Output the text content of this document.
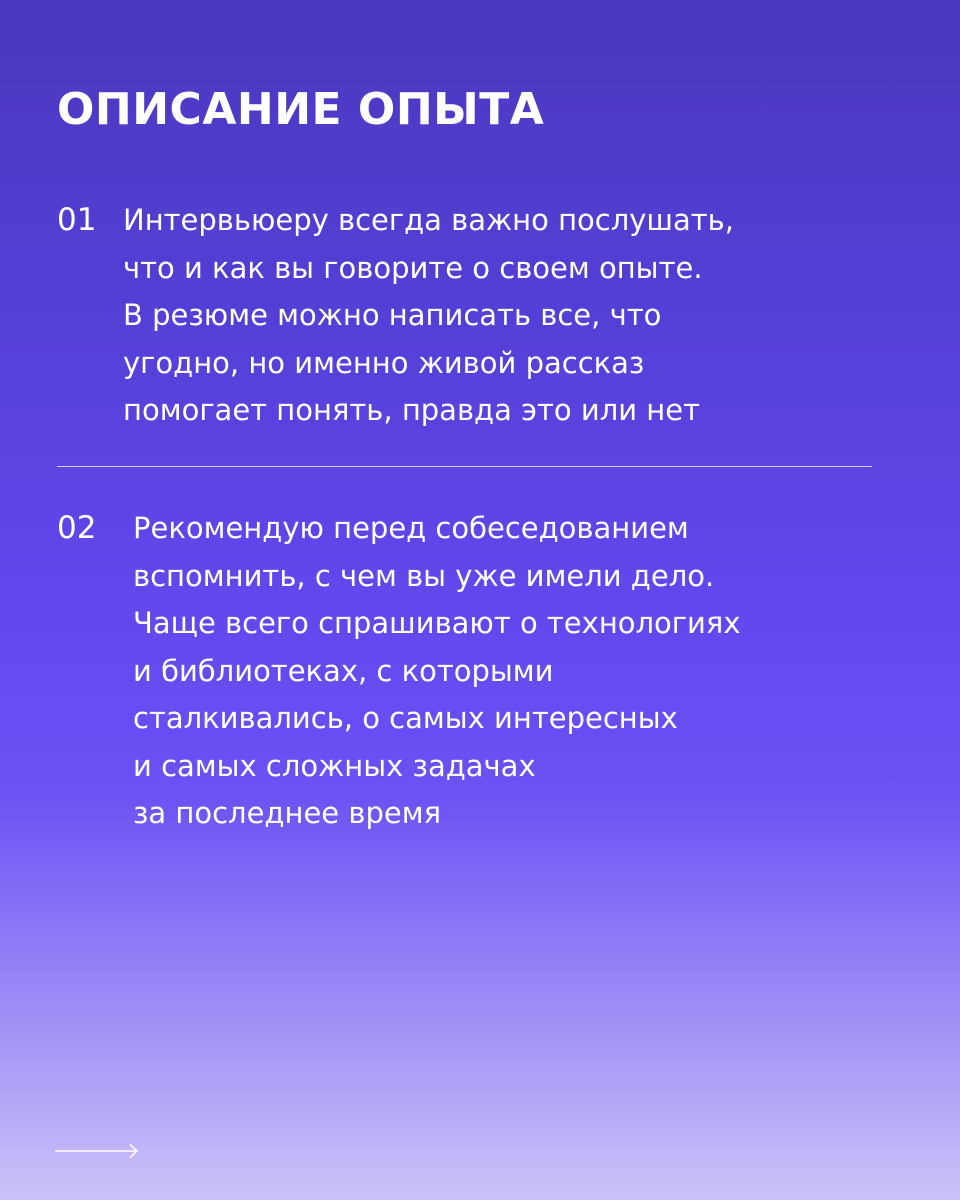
ОПИСАНИЕ ОПЫТА
01 Интервьюеру всегда важно послушать,
что и как вы говорите о своем опыте.
В резюме можно написать все, что
угодно, но именно живой рассказ
помогает понять, правда это или нет
02 Рекомендую перед собеседованием
вспомнить, с чем вы уже имели дело.
Чаще всего спрашивают о технологиях
и библиотеках, с которыми
сталкивались, о самых интересных
и самых сложных задачах
за последнее время
